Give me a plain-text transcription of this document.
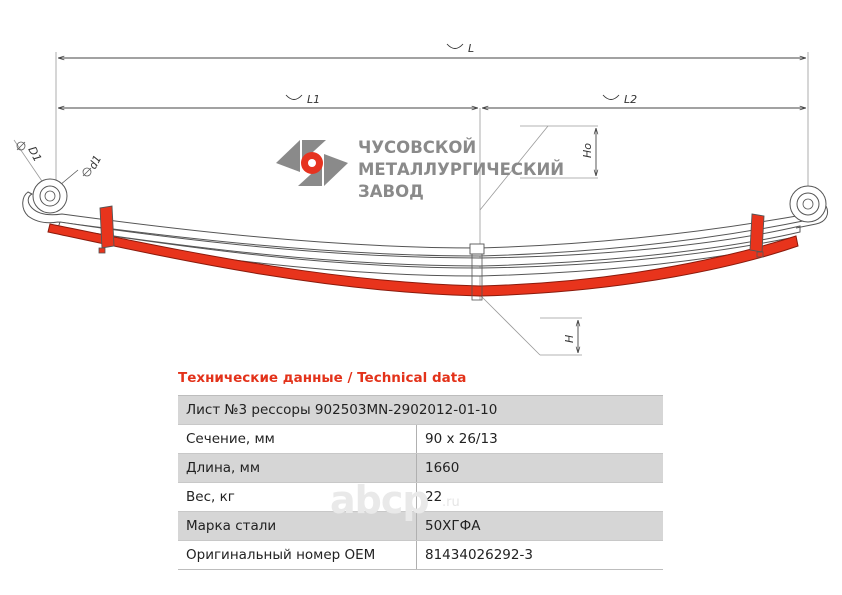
L
L1	L2
Ho
H
D1	d1
ЧУСОВСКОЙ
МЕТАЛЛУРГИЧЕСКИЙ
ЗАВОД
Технические данные / Technical data
Лист №3 рессоры 902503MN-2902012-01-10	
Сечение, мм	90 x 26/13
Длина, мм	1660
Вес, кг	22
Марка стали	50ХГФА
Оригинальный номер OEM	81434026292-3
abcp .ru
